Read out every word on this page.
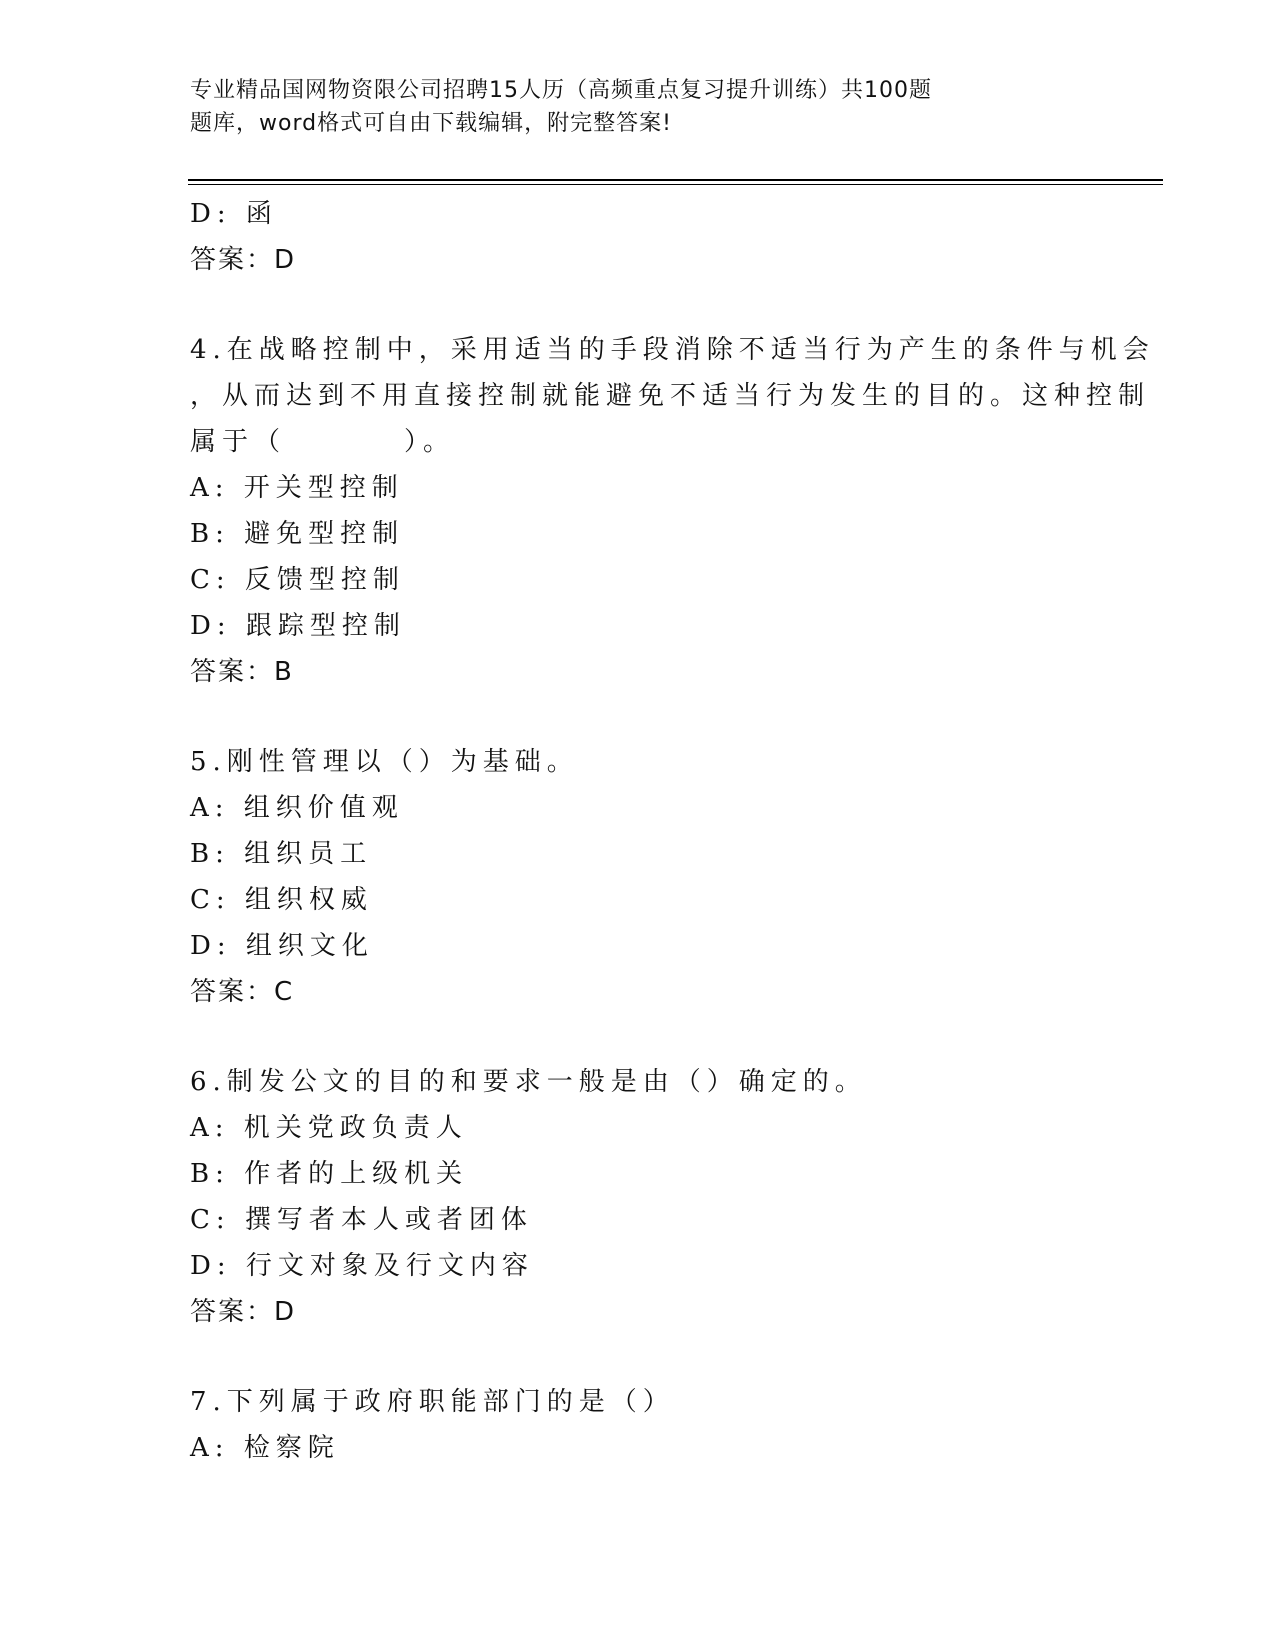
专业精品国网物资限公司招聘15人历（高频重点复习提升训练）共100题
题库，word格式可自由下载编辑，附完整答案!
D: 函
答案：D
4.在战略控制中，采用适当的手段消除不适当行为产生的条件与机会
，从而达到不用直接控制就能避免不适当行为发生的目的。这种控制
属于（	）。
A: 开关型控制
B: 避免型控制
C: 反馈型控制
D: 跟踪型控制
答案：B
5.刚性管理以（）为基础。
A: 组织价值观
B: 组织员工
C: 组织权威
D: 组织文化
答案：C
6.制发公文的目的和要求一般是由（）确定的。
A: 机关党政负责人
B: 作者的上级机关
C: 撰写者本人或者团体
D: 行文对象及行文内容
答案：D
7.下列属于政府职能部门的是（）
A: 检察院
